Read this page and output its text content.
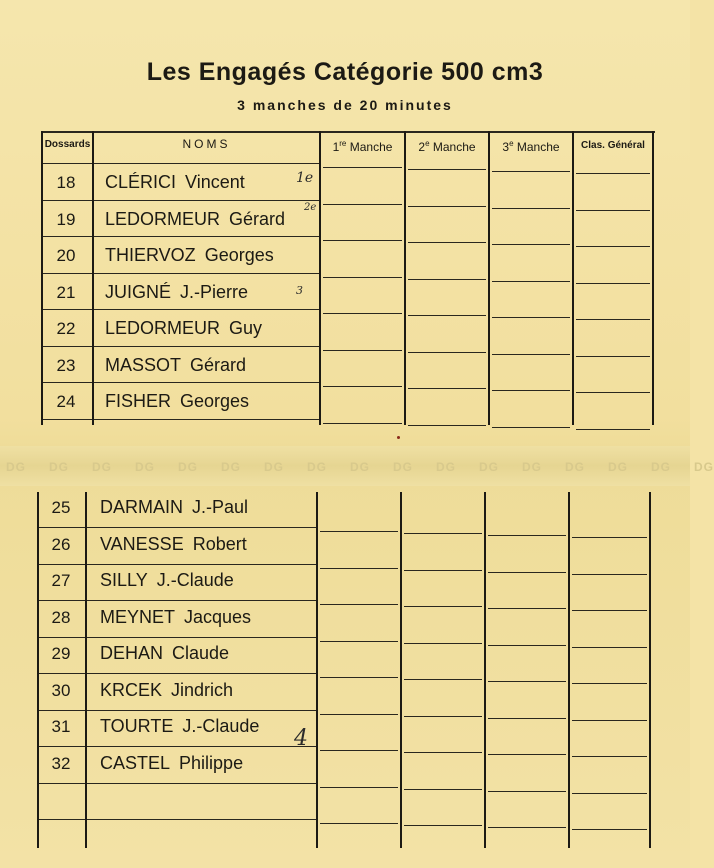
Les Engagés Catégorie 500 cm3
3 manches de 20 minutes
Dossards	NOMS	1re Manche	2e Manche	3e Manche	Clas. Général
18	CLÉRICI Vincent
19	LEDORMEUR Gérard
20	THIERVOZ Georges
21	JUIGNÉ J.-Pierre
22	LEDORMEUR Guy
23	MASSOT Gérard
24	FISHER Georges
DG DG DG DG DG DG DG DG DG DG DG DG DG DG DG DG DG
25	DARMAIN J.-Paul
26	VANESSE Robert
27	SILLY J.-Claude
28	MEYNET Jacques
29	DEHAN Claude
30	KRCEK Jindrich
31	TOURTE J.-Claude
32	CASTEL Philippe
1e
2e
3
4
